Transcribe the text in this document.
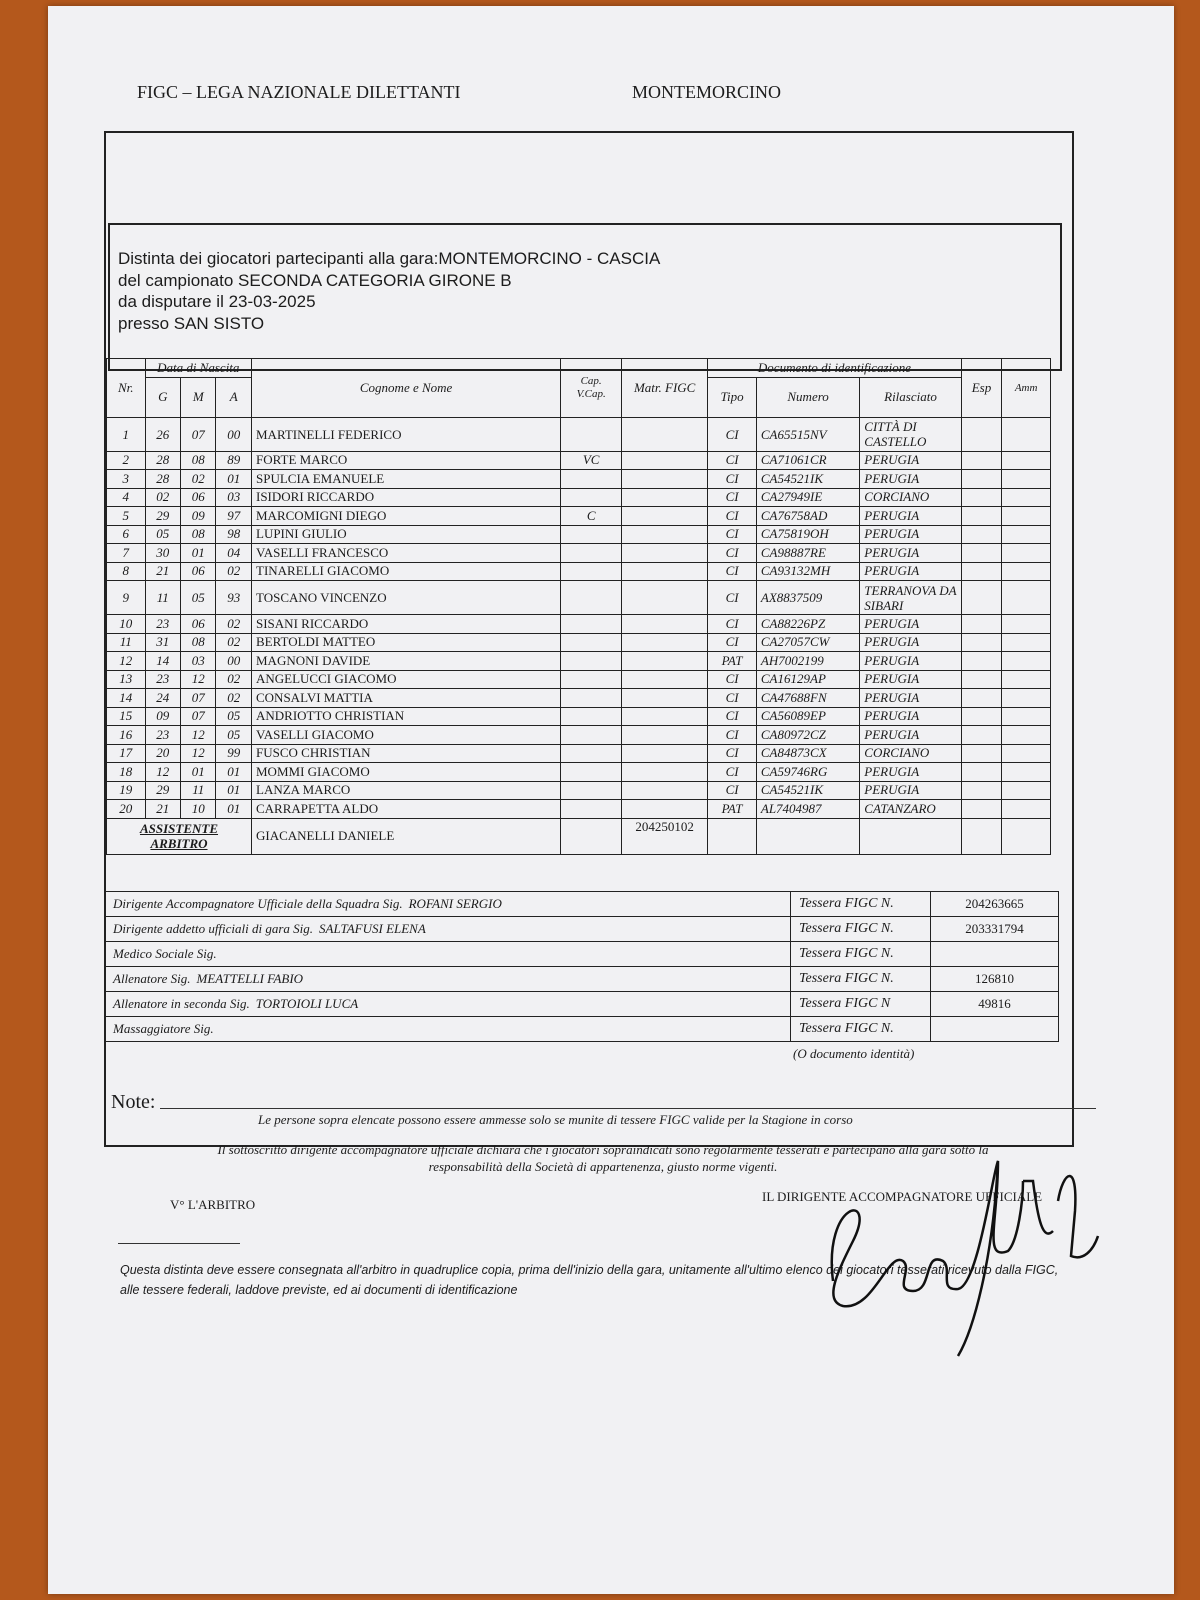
FIGC – LEGA NAZIONALE DILETTANTI	MONTEMORCINO
Distinta dei giocatori partecipanti alla gara:MONTEMORCINO - CASCIA
del campionato SECONDA CATEGORIA GIRONE B
da disputare il 23-03-2025
presso SAN SISTO
Nr.	Data di Nascita			Cognome e Nome	Cap. V.Cap.	Matr. FIGC	Documento di identificazione			Esp	Amm
	G	M	A				Tipo	Numero	Rilasciato		
1	26	07	00	MARTINELLI FEDERICO			CI	CA65515NV	CITTÀ DI CASTELLO		
2	28	08	89	FORTE MARCO	VC		CI	CA71061CR	PERUGIA		
3	28	02	01	SPULCIA EMANUELE			CI	CA54521IK	PERUGIA		
4	02	06	03	ISIDORI RICCARDO			CI	CA27949IE	CORCIANO		
5	29	09	97	MARCOMIGNI DIEGO	C		CI	CA76758AD	PERUGIA		
6	05	08	98	LUPINI GIULIO			CI	CA75819OH	PERUGIA		
7	30	01	04	VASELLI FRANCESCO			CI	CA98887RE	PERUGIA		
8	21	06	02	TINARELLI GIACOMO			CI	CA93132MH	PERUGIA		
9	11	05	93	TOSCANO VINCENZO			CI	AX8837509	TERRANOVA DA SIBARI		
10	23	06	02	SISANI RICCARDO			CI	CA88226PZ	PERUGIA		
11	31	08	02	BERTOLDI MATTEO			CI	CA27057CW	PERUGIA		
12	14	03	00	MAGNONI DAVIDE			PAT	AH7002199	PERUGIA		
13	23	12	02	ANGELUCCI GIACOMO			CI	CA16129AP	PERUGIA		
14	24	07	02	CONSALVI MATTIA			CI	CA47688FN	PERUGIA		
15	09	07	05	ANDRIOTTO CHRISTIAN			CI	CA56089EP	PERUGIA		
16	23	12	05	VASELLI GIACOMO			CI	CA80972CZ	PERUGIA		
17	20	12	99	FUSCO CHRISTIAN			CI	CA84873CX	CORCIANO		
18	12	01	01	MOMMI GIACOMO			CI	CA59746RG	PERUGIA		
19	29	11	01	LANZA MARCO			CI	CA54521IK	PERUGIA		
20	21	10	01	CARRAPETTA ALDO			PAT	AL7404987	CATANZARO		
ASSISTENTE ARBITRO				GIACANELLI DANIELE		204250102					
Dirigente Accompagnatore Ufficiale della Squadra Sig. ROFANI SERGIO	Tessera FIGC N.	204263665
Dirigente addetto ufficiali di gara Sig. SALTAFUSI ELENA	Tessera FIGC N.	203331794
Medico Sociale Sig.	Tessera FIGC N.	
Allenatore Sig. MEATTELLI FABIO	Tessera FIGC N.	126810
Allenatore in seconda Sig. TORTOIOLI LUCA	Tessera FIGC N	49816
Massaggiatore Sig.	Tessera FIGC N.	
(O documento identità)
Note:
Le persone sopra elencate possono essere ammesse solo se munite di tessere FIGC valide per la Stagione in corso
Il sottoscritto dirigente accompagnatore ufficiale dichiara che i giocatori sopraindicati sono regolarmente tesserati e partecipano alla gara sotto la
responsabilità della Società di appartenenza, giusto norme vigenti.
V° L'ARBITRO
IL DIRIGENTE ACCOMPAGNATORE UFFICIALE
Questa distinta deve essere consegnata all'arbitro in quadruplice copia, prima dell'inizio della gara, unitamente all'ultimo elenco dei giocatori tesserati ricevuto dalla FIGC, alle tessere federali, laddove previste, ed ai documenti di identificazione
